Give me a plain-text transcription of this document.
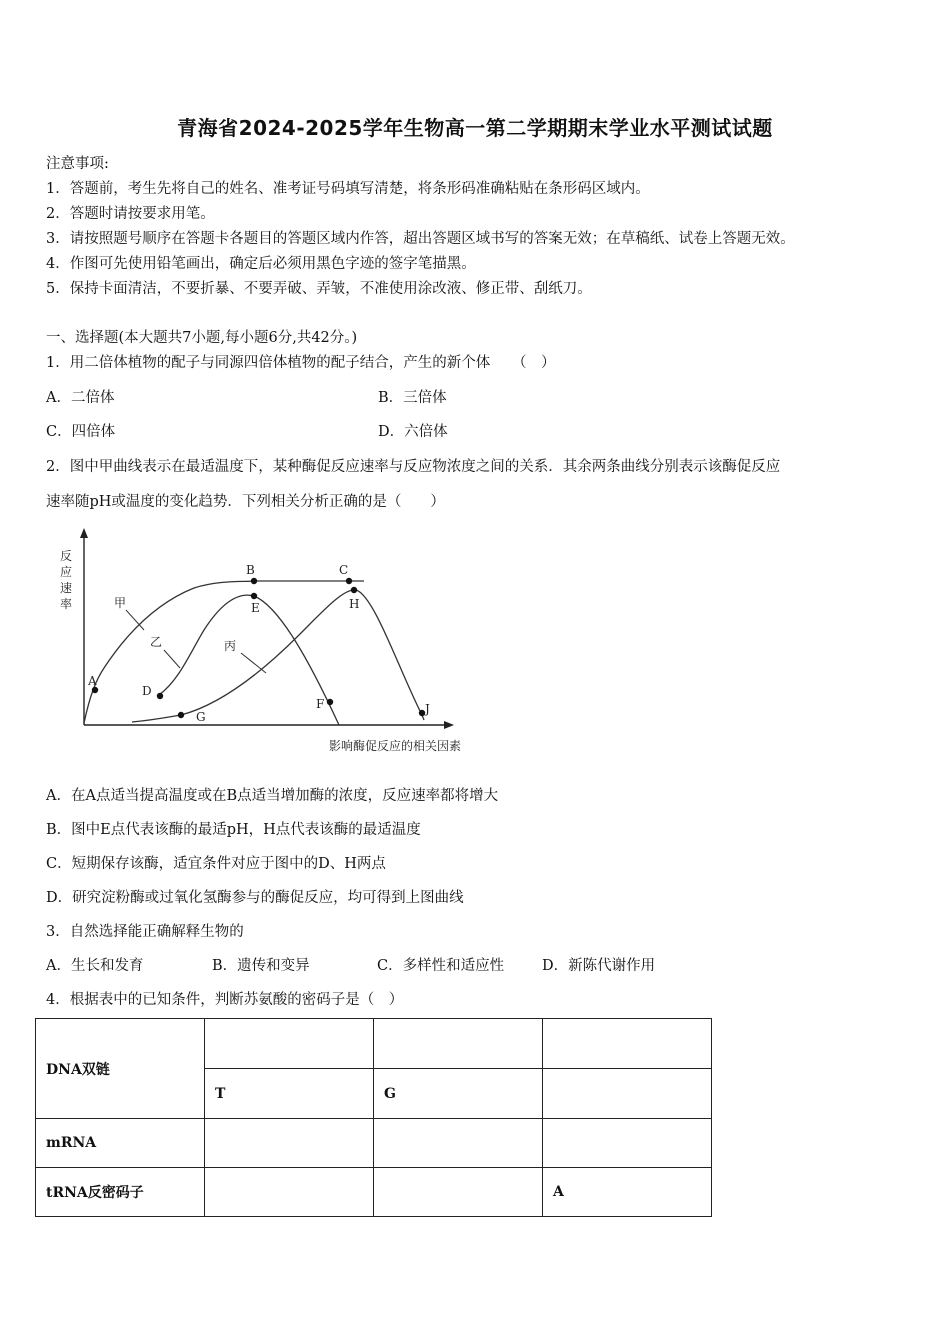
青海省2024-2025学年生物高一第二学期期末学业水平测试试题
注意事项:
1．答题前，考生先将自己的姓名、准考证号码填写清楚，将条形码准确粘贴在条形码区域内。
2．答题时请按要求用笔。
3．请按照题号顺序在答题卡各题目的答题区域内作答，超出答题区域书写的答案无效；在草稿纸、试卷上答题无效。
4．作图可先使用铅笔画出，确定后必须用黑色字迹的签字笔描黑。
5．保持卡面清洁，不要折暴、不要弄破、弄皱，不准使用涂改液、修正带、刮纸刀。
一、选择题(本大题共7小题,每小题6分,共42分。)
1．用二倍体植物的配子与同源四倍体植物的配子结合，产生的新个体　　（　）
A．二倍体	B．三倍体
C．四倍体	D．六倍体
2．图中甲曲线表示在最适温度下，某种酶促反应速率与反应物浓度之间的关系．其余两条曲线分别表示该酶促反应
速率随pH或温度的变化趋势．下列相关分析正确的是（　　）
反
应
速
率
影响酶促反应的相关因素
甲
乙	丙
A
B	C
D
E
F
G
H
J
A．在A点适当提高温度或在B点适当增加酶的浓度，反应速率都将增大
B．图中E点代表该酶的最适pH，H点代表该酶的最适温度
C．短期保存该酶，适宜条件对应于图中的D、H两点
D．研究淀粉酶或过氧化氢酶参与的酶促反应，均可得到上图曲线
3．自然选择能正确解释生物的
A．生长和发育	B．遗传和变异	C．多样性和适应性	D．新陈代谢作用
4．根据表中的已知条件，判断苏氨酸的密码子是（　）
DNA双链			
	T	G	
mRNA			
tRNA反密码子			A
